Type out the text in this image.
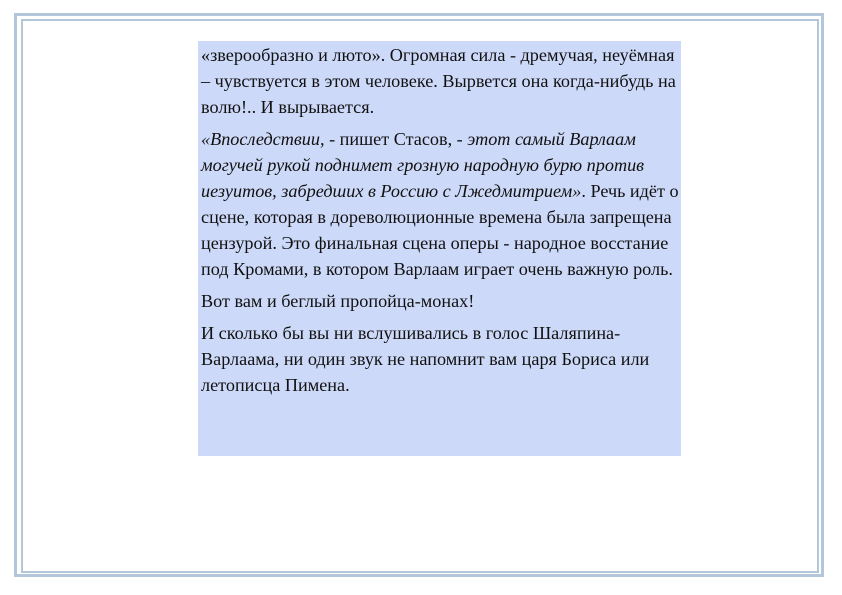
«зверообразно и люто». Огромная сила - дремучая, неуёмная – чувствуется в этом человеке. Вырвется она когда-нибудь на волю!.. И вырывается.

«Впоследствии, - пишет Стасов, - этот самый Варлаам могучей рукой поднимет грозную народную бурю против иезуитов, забредших в Россию с Лжедмитрием». Речь идёт о сцене, которая в дореволюционные времена была запрещена цензурой. Это финальная сцена оперы - народное восстание под Кромами, в котором Варлаам играет очень важную роль.

Вот вам и беглый пропойца-монах!

И сколько бы вы ни вслушивались в голос Шаляпина-Варлаама, ни один звук не напомнит вам царя Бориса или летописца Пимена.
